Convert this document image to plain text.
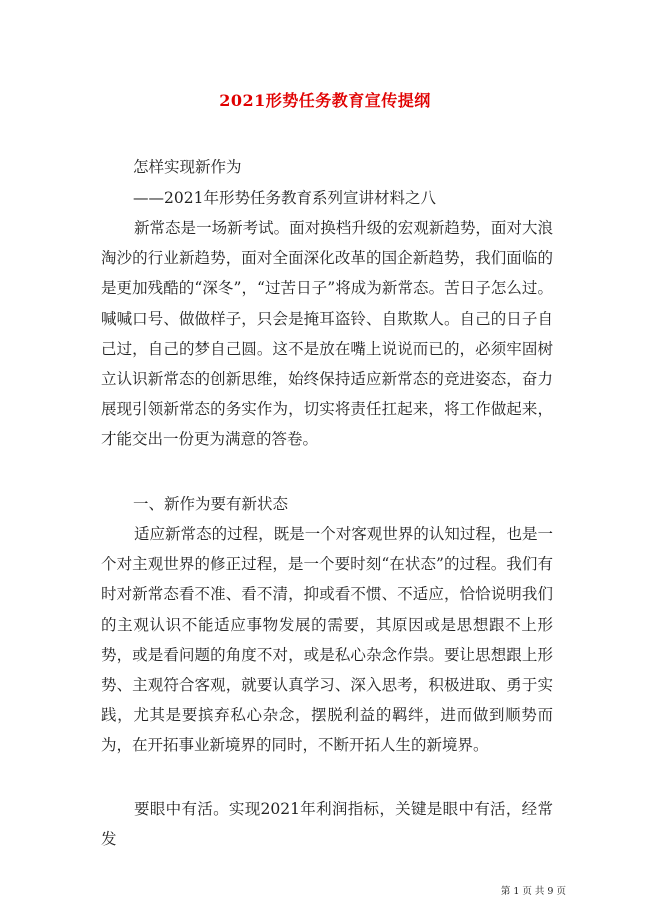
2021形势任务教育宣传提纲
怎样实现新作为
——2021年形势任务教育系列宣讲材料之八
新常态是一场新考试。面对换档升级的宏观新趋势，面对大浪淘沙的行业新趋势，面对全面深化改革的国企新趋势，我们面临的是更加残酷的“深冬”，“过苦日子”将成为新常态。苦日子怎么过。喊喊口号、做做样子，只会是掩耳盗铃、自欺欺人。自己的日子自己过，自己的梦自己圆。这不是放在嘴上说说而已的，必须牢固树立认识新常态的创新思维，始终保持适应新常态的竞进姿态，奋力展现引领新常态的务实作为，切实将责任扛起来，将工作做起来，才能交出一份更为满意的答卷。
一、新作为要有新状态
适应新常态的过程，既是一个对客观世界的认知过程，也是一个对主观世界的修正过程，是一个要时刻“在状态”的过程。我们有时对新常态看不准、看不清，抑或看不惯、不适应，恰恰说明我们的主观认识不能适应事物发展的需要，其原因或是思想跟不上形势，或是看问题的角度不对，或是私心杂念作祟。要让思想跟上形势、主观符合客观，就要认真学习、深入思考，积极进取、勇于实践，尤其是要摈弃私心杂念，摆脱利益的羁绊，进而做到顺势而为，在开拓事业新境界的同时，不断开拓人生的新境界。
要眼中有活。实现2021年利润指标，关键是眼中有活，经常发
第 1 页 共 9 页
